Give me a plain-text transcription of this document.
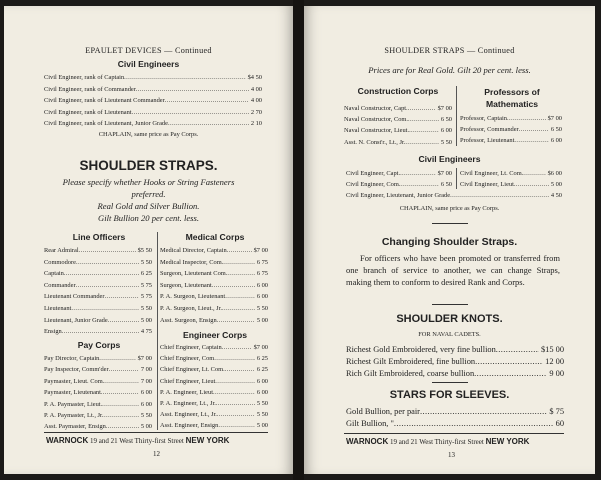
EPAULET DEVICES — Continued
Civil Engineers
Civil Engineer, rank of Captain .....	$4 50
Civil Engineer, rank of Commander .....	4 00
Civil Engineer, rank of Lieutenant Commander .....	4 00
Civil Engineer, rank of Lieutenant .....	2 70
Civil Engineer, rank of Lieutenant, Junior Grade .....	2 10
CHAPLAIN, same price as Pay Corps.
SHOULDER STRAPS.
Please specify whether Hooks or String Fasteners
preferred.
Real Gold and Silver Bullion.
Gilt Bullion 20 per cent. less.
Line Officers
Rear Admiral .....	$5 50
Commodore .....	5 50
Captain .....	6 25
Commander .....	5 75
Lieutenant Commander .....	5 75
Lieutenant .....	5 50
Lieutenant, Junior Grade .....	5 00
Ensign .....	4 75
Pay Corps
Pay Director, Captain .....	$7 00
Pay Inspector, Comm'der .....	7 00
Paymaster, Lieut. Com. .....	7 00
Paymaster, Lieutenant .....	6 00
P. A. Paymaster, Lieut. .....	6 00
P. A. Paymaster, Lt., Jr. .....	5 50
Asst. Paymaster, Ensign .....	5 00
Medical Corps
Medical Director, Captain .....	$7 00
Medical Inspector, Com. .....	6 75
Surgeon, Lieutenant Com. .....	6 75
Surgeon, Lieutenant .....	6 00
P. A. Surgeon, Lieutenant .....	6 00
P. A. Surgeon, Lieut., Jr. .....	5 50
Asst. Surgeon, Ensign .....	5 00
Engineer Corps
Chief Engineer, Captain .....	$7 00
Chief Engineer, Com .....	6 25
Chief Engineer, Lt. Com. .....	6 25
Chief Engineer, Lieut .....	6 00
P. A. Engineer, Lieut .....	6 00
P. A. Engineer, Lt., Jr. .....	5 50
Asst. Engineer, Lt., Jr. .....	5 50
Asst. Engineer, Ensign .....	5 00
WARNOCK 19 and 21 West Thirty-first Street NEW YORK
12
SHOULDER STRAPS — Continued
Prices are for Real Gold. Gilt 20 per cent. less.
Construction Corps
Naval Constructor, Capt. .....	$7 00
Naval Constructor, Com. .....	6 50
Naval Constructor, Lieut. .....	6 00
Asst. N. Const'r., Lt., Jr. .....	5 50
Professors of Mathematics
Professor, Captain .....	$7 00
Professor, Commander .....	6 50
Professor, Lieutenant .....	6 00
Civil Engineers
Civil Engineer, Capt. .....	$7 00
Civil Engineer, Com. .....	6 50
Civil Engineer, Lt. Com. .....	$6 00
Civil Engineer, Lieut. .....	5 00
Civil Engineer, Lieutenant, Junior Grade .....	4 50
CHAPLAIN, same price as Pay Corps.
Changing Shoulder Straps.
For officers who have been promoted or transferred from one branch of service to another, we can change Straps, making them to conform to desired Rank and Corps.
SHOULDER KNOTS.
FOR NAVAL CADETS.
Richest Gold Embroidered, very fine bullion .....	$15 00
Richest Gilt Embroidered, fine bullion .....	12 00
Rich Gilt Embroidered, coarse bullion .....	9 00
STARS FOR SLEEVES.
Gold Bullion, per pair .....	$ 75
Gilt Bullion, " .....	60
WARNOCK 19 and 21 West Thirty-first Street NEW YORK
13
